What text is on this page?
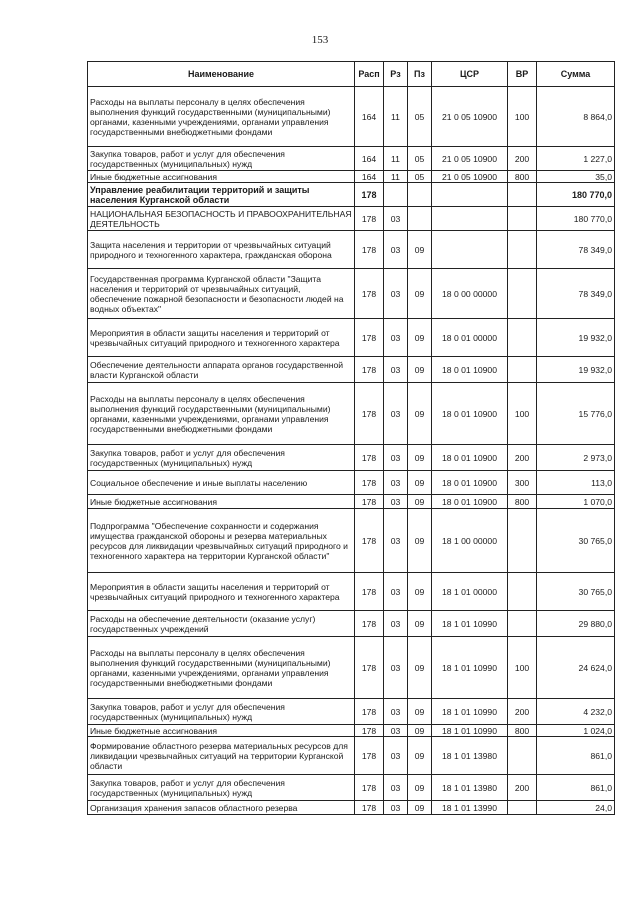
153
Наименование	Расп	Рз	Пз	ЦСР	ВР	Сумма
Расходы на выплаты персоналу в целях обеспечения выполнения функций государственными (муниципальными) органами, казенными учреждениями, органами управления государственными внебюджетными фондами	164	11	05	21 0 05 10900	100	8 864,0
Закупка товаров, работ и услуг для обеспечения государственных (муниципальных) нужд	164	11	05	21 0 05 10900	200	1 227,0
Иные бюджетные ассигнования	164	11	05	21 0 05 10900	800	35,0
Управление реабилитации территорий и защиты населения Курганской области	178					180 770,0
НАЦИОНАЛЬНАЯ БЕЗОПАСНОСТЬ И ПРАВООХРАНИТЕЛЬНАЯ ДЕЯТЕЛЬНОСТЬ	178	03				180 770,0
Защита населения и территории от чрезвычайных ситуаций природного и техногенного характера, гражданская оборона	178	03	09			78 349,0
Государственная программа Курганской области "Защита населения и территорий от чрезвычайных ситуаций, обеспечение пожарной безопасности и безопасности людей на водных объектах"	178	03	09	18 0 00 00000		78 349,0
Мероприятия в области защиты населения и территорий от чрезвычайных ситуаций природного и техногенного характера	178	03	09	18 0 01 00000		19 932,0
Обеспечение деятельности аппарата органов государственной власти Курганской области	178	03	09	18 0 01 10900		19 932,0
Расходы на выплаты персоналу в целях обеспечения выполнения функций государственными (муниципальными) органами, казенными учреждениями, органами управления государственными внебюджетными фондами	178	03	09	18 0 01 10900	100	15 776,0
Закупка товаров, работ и услуг для обеспечения государственных (муниципальных) нужд	178	03	09	18 0 01 10900	200	2 973,0
Социальное обеспечение и иные выплаты населению	178	03	09	18 0 01 10900	300	113,0
Иные бюджетные ассигнования	178	03	09	18 0 01 10900	800	1 070,0
Подпрограмма "Обеспечение сохранности и содержания имущества гражданской обороны и резерва материальных ресурсов для ликвидации чрезвычайных ситуаций природного и техногенного характера на территории Курганской области"	178	03	09	18 1 00 00000		30 765,0
Мероприятия в области защиты населения и территорий от чрезвычайных ситуаций природного и техногенного характера	178	03	09	18 1 01 00000		30 765,0
Расходы на обеспечение деятельности (оказание услуг) государственных учреждений	178	03	09	18 1 01 10990		29 880,0
Расходы на выплаты персоналу в целях обеспечения выполнения функций государственными (муниципальными) органами, казенными учреждениями, органами управления государственными внебюджетными фондами	178	03	09	18 1 01 10990	100	24 624,0
Закупка товаров, работ и услуг для обеспечения государственных (муниципальных) нужд	178	03	09	18 1 01 10990	200	4 232,0
Иные бюджетные ассигнования	178	03	09	18 1 01 10990	800	1 024,0
Формирование областного резерва материальных ресурсов для ликвидации чрезвычайных ситуаций на территории Курганской области	178	03	09	18 1 01 13980		861,0
Закупка товаров, работ и услуг для обеспечения государственных (муниципальных) нужд	178	03	09	18 1 01 13980	200	861,0
Организация хранения запасов областного резерва	178	03	09	18 1 01 13990		24,0
